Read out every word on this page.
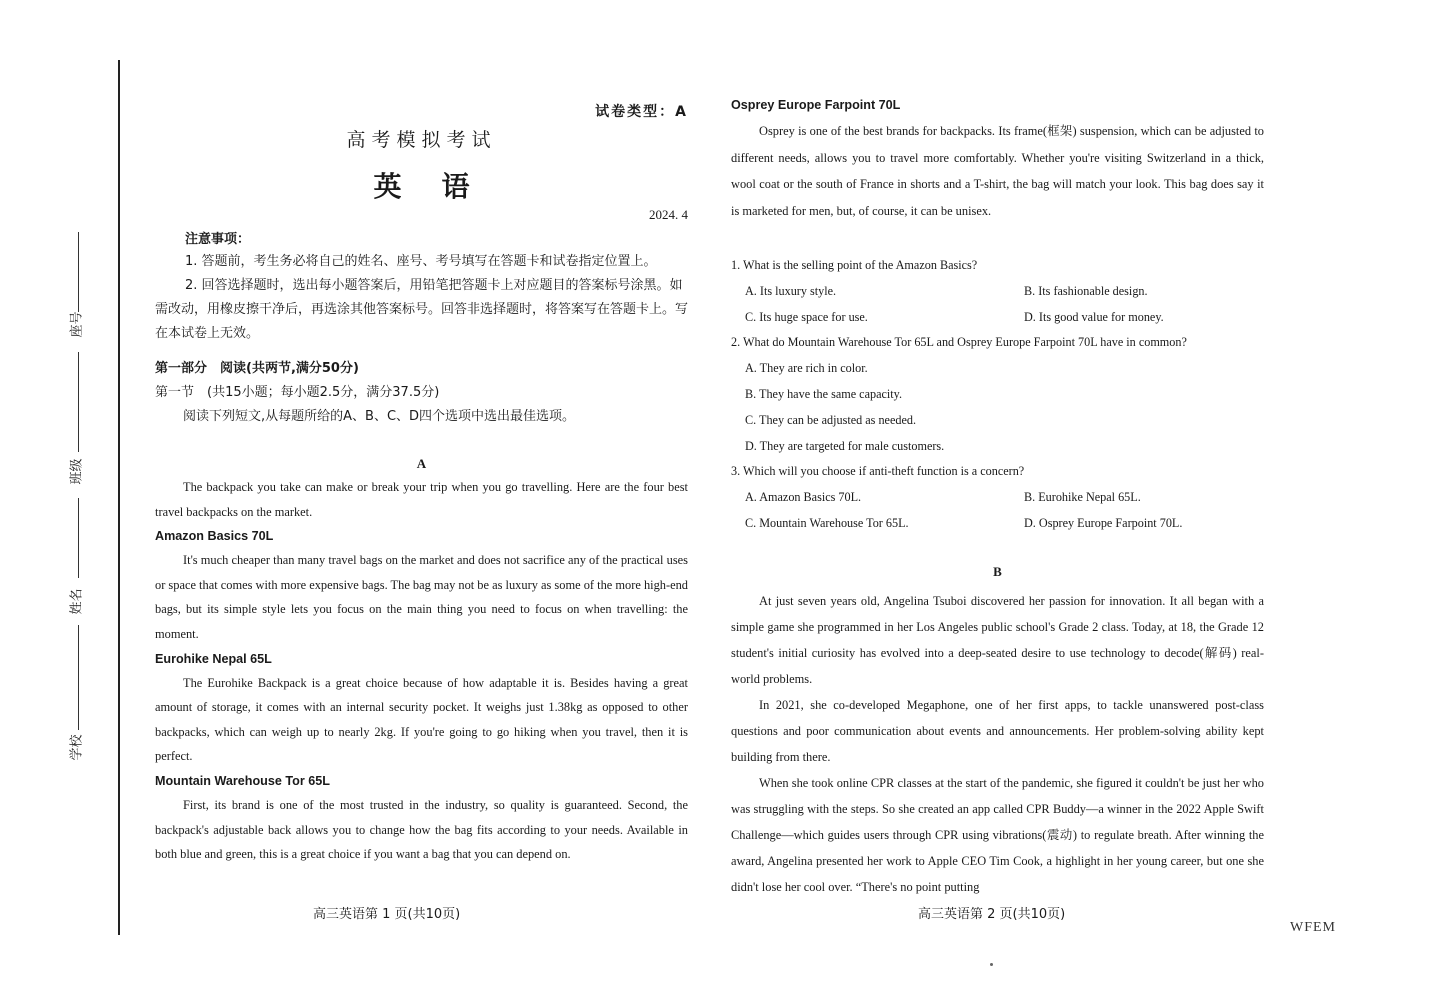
座号
班级
姓名
学校
试卷类型：A
高考模拟考试
英语
2024. 4
注意事项：

1. 答题前，考生务必将自己的姓名、座号、考号填写在答题卡和试卷指定位置上。

2. 回答选择题时，选出每小题答案后，用铅笔把答题卡上对应题目的答案标号涂黑。如需改动，用橡皮擦干净后，再选涂其他答案标号。回答非选择题时，将答案写在答题卡上。写在本试卷上无效。

第一部分　阅读(共两节,满分50分)

第一节　(共15小题；每小题2.5分，满分37.5分)

阅读下列短文,从每题所给的A、B、C、D四个选项中选出最佳选项。

A

The backpack you take can make or break your trip when you go travelling. Here are the four best travel backpacks on the market.

Amazon Basics 70L

It's much cheaper than many travel bags on the market and does not sacrifice any of the practical uses or space that comes with more expensive bags. The bag may not be as luxury as some of the more high-end bags, but its simple style lets you focus on the main thing you need to focus on when travelling: the moment.

Eurohike Nepal 65L

The Eurohike Backpack is a great choice because of how adaptable it is. Besides having a great amount of storage, it comes with an internal security pocket. It weighs just 1.38kg as opposed to other backpacks, which can weigh up to nearly 2kg. If you're going to go hiking when you travel, then it is perfect.

Mountain Warehouse Tor 65L

First, its brand is one of the most trusted in the industry, so quality is guaranteed. Second, the backpack's adjustable back allows you to change how the bag fits according to your needs. Available in both blue and green, this is a great choice if you want a bag that you can depend on.

Osprey Europe Farpoint 70L

Osprey is one of the best brands for backpacks. Its frame(框架) suspension, which can be adjusted to different needs, allows you to travel more comfortably. Whether you're visiting Switzerland in a thick, wool coat or the south of France in shorts and a T-shirt, the bag will match your look. This bag does say it is marketed for men, but, of course, it can be unisex.

1. What is the selling point of the Amazon Basics?

A. Its luxury style.	B. Its fashionable design.
C. Its huge space for use.	D. Its good value for money.

2. What do Mountain Warehouse Tor 65L and Osprey Europe Farpoint 70L have in common?

A. They are rich in color.

B. They have the same capacity.

C. They can be adjusted as needed.

D. They are targeted for male customers.

3. Which will you choose if anti-theft function is a concern?

A. Amazon Basics 70L.	B. Eurohike Nepal 65L.
C. Mountain Warehouse Tor 65L.	D. Osprey Europe Farpoint 70L.

B

At just seven years old, Angelina Tsuboi discovered her passion for innovation. It all began with a simple game she programmed in her Los Angeles public school's Grade 2 class. Today, at 18, the Grade 12 student's initial curiosity has evolved into a deep-seated desire to use technology to decode(解码) real-world problems.

In 2021, she co-developed Megaphone, one of her first apps, to tackle unanswered post-class questions and poor communication about events and announcements. Her problem-solving ability kept building from there.

When she took online CPR classes at the start of the pandemic, she figured it couldn't be just her who was struggling with the steps. So she created an app called CPR Buddy—a winner in the 2022 Apple Swift Challenge—which guides users through CPR using vibrations(震动) to regulate breath. After winning the award, Angelina presented her work to Apple CEO Tim Cook, a highlight in her young career, but one she didn't lose her cool over. “There's no point putting

高三英语第 1 页(共10页)	高三英语第 2 页(共10页)
WFEM
